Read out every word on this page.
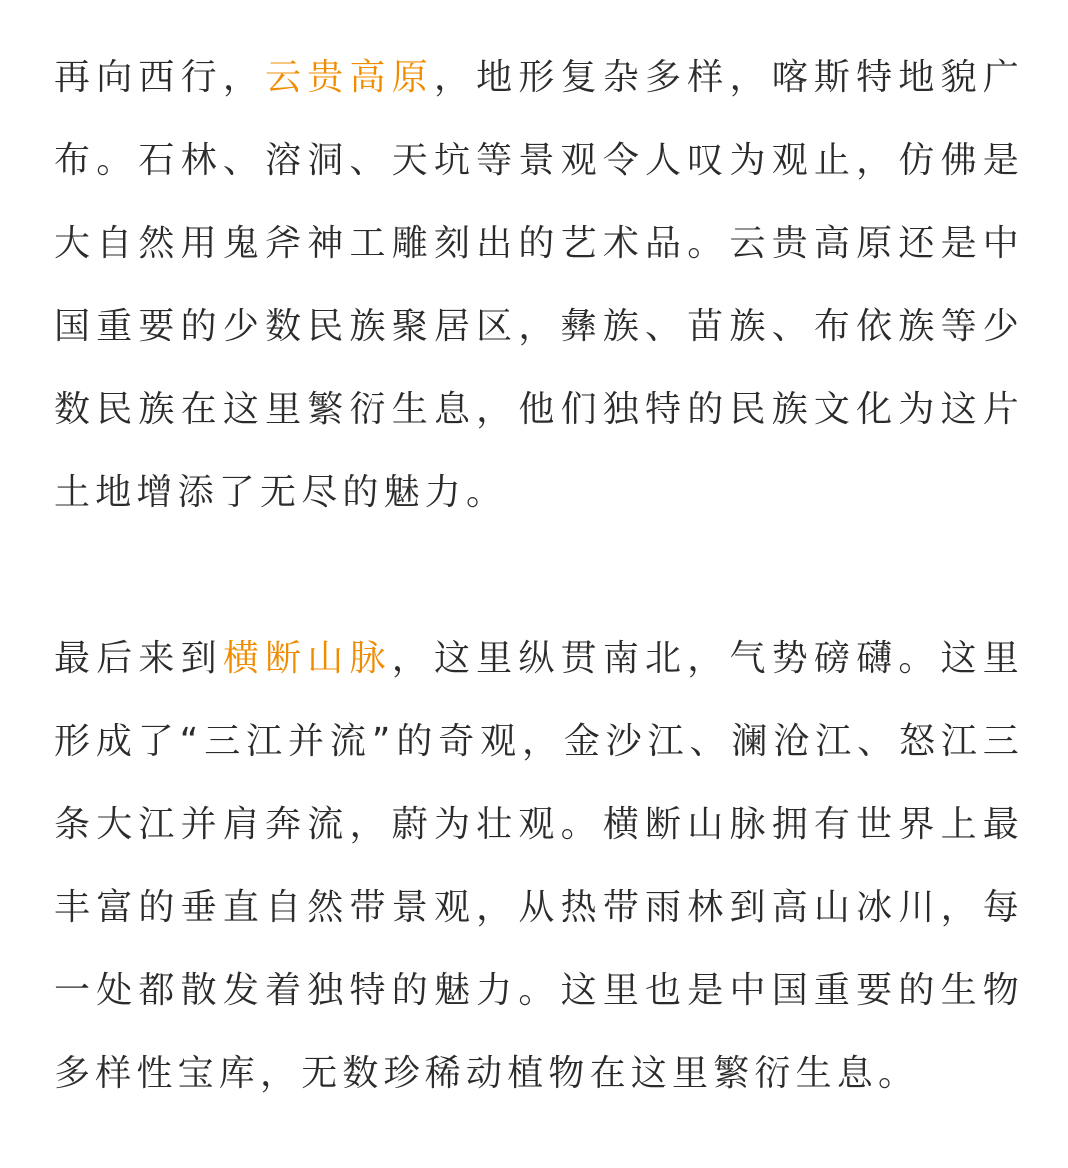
再向西行，云贵高原，地形复杂多样，喀斯特地貌广布。石林、溶洞、天坑等景观令人叹为观止，仿佛是大自然用鬼斧神工雕刻出的艺术品。云贵高原还是中国重要的少数民族聚居区，彝族、苗族、布依族等少数民族在这里繁衍生息，他们独特的民族文化为这片土地增添了无尽的魅力。

最后来到横断山脉，这里纵贯南北，气势磅礴。这里形成了“三江并流”的奇观，金沙江、澜沧江、怒江三条大江并肩奔流，蔚为壮观。横断山脉拥有世界上最丰富的垂直自然带景观，从热带雨林到高山冰川，每一处都散发着独特的魅力。这里也是中国重要的生物多样性宝库，无数珍稀动植物在这里繁衍生息。
